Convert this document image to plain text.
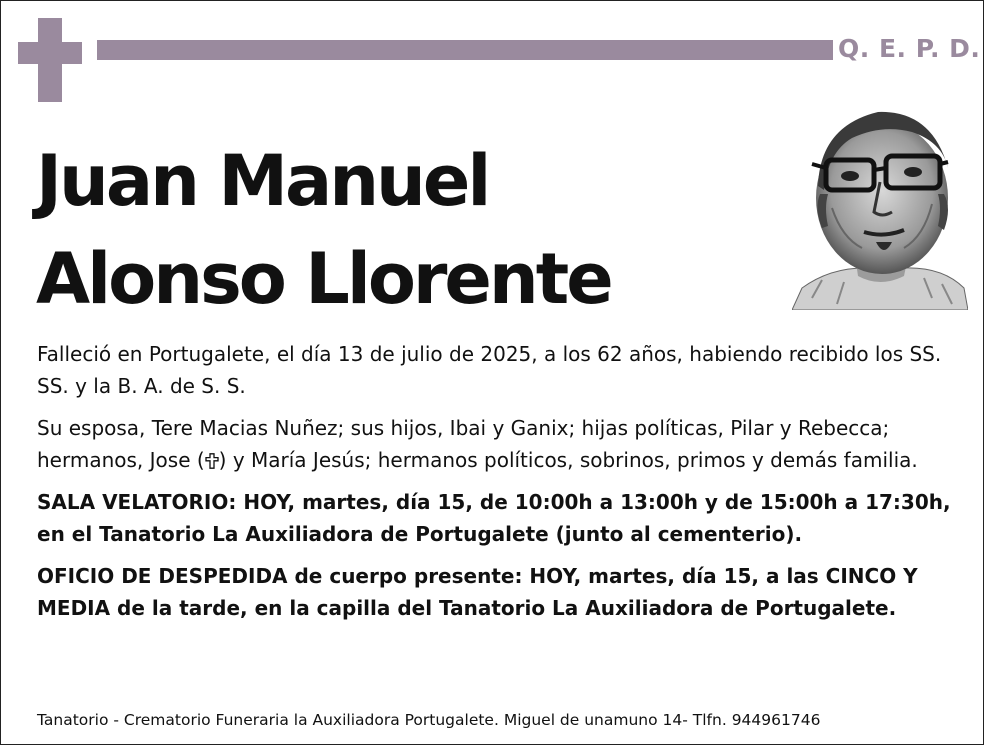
Q. E. P. D.
Juan Manuel
Alonso Llorente

Falleció en Portugalete, el día 13 de julio de 2025, a los 62 años, habiendo recibido los SS. SS. y la B. A. de S. S.

Su esposa, Tere Macias Nuñez; sus hijos, Ibai y Ganix; hijas políticas, Pilar y Rebecca; hermanos, Jose ( ) y María Jesús; hermanos políticos, sobrinos, primos y demás familia.

SALA VELATORIO: HOY, martes, día 15, de 10:00h a 13:00h y de 15:00h a 17:30h, en el Tanatorio La Auxiliadora de Portugalete (junto al cementerio).

OFICIO DE DESPEDIDA de cuerpo presente: HOY, martes, día 15, a las CINCO Y MEDIA de la tarde, en la capilla del Tanatorio La Auxiliadora de Portugalete.

Tanatorio - Crematorio Funeraria la Auxiliadora Portugalete. Miguel de unamuno 14- Tlfn. 944961746
